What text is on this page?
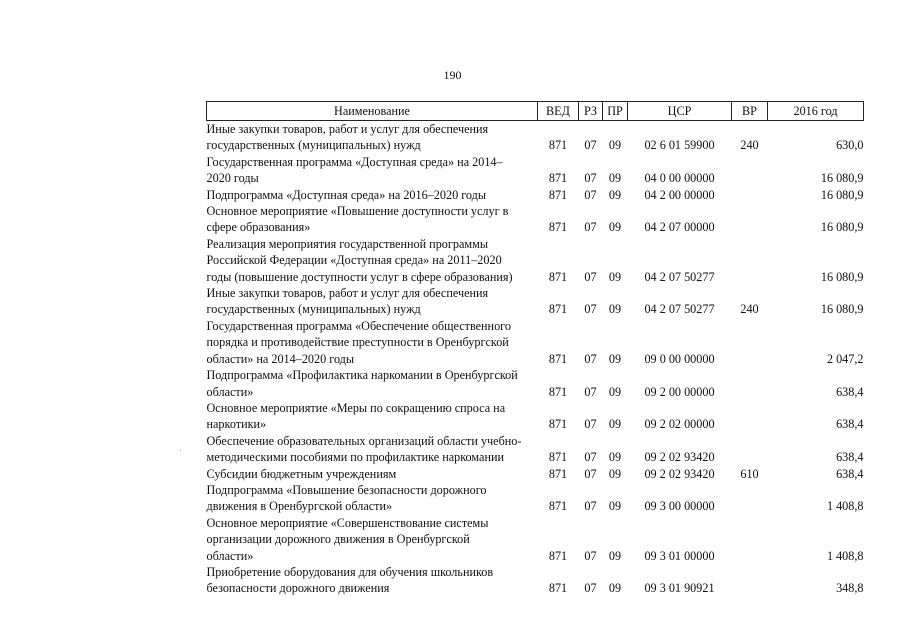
190
Наименование	ВЕД	РЗ	ПР	ЦСР	ВР	2016 год

Иные закупки товаров, работ и услуг для обеспечения
государственных (муниципальных) нужд	871	07	09	02 6 01 59900	240	630,0

Государственная программа «Доступная среда» на 2014–
2020 годы	871	07	09	04 0 00 00000		16 080,9

Подпрограмма «Доступная среда» на 2016–2020 годы	871	07	09	04 2 00 00000		16 080,9

Основное мероприятие «Повышение доступности услуг в
сфере образования»	871	07	09	04 2 07 00000		16 080,9

Реализация мероприятия государственной программы
Российской Федерации «Доступная среда» на 2011–2020
годы (повышение доступности услуг в сфере образования)	871	07	09	04 2 07 50277		16 080,9

Иные закупки товаров, работ и услуг для обеспечения
государственных (муниципальных) нужд	871	07	09	04 2 07 50277	240	16 080,9

Государственная программа «Обеспечение общественного
порядка и противодействие преступности в Оренбургской
области» на 2014–2020 годы	871	07	09	09 0 00 00000		2 047,2

Подпрограмма «Профилактика наркомании в Оренбургской
области»	871	07	09	09 2 00 00000		638,4

Основное мероприятие «Меры по сокращению спроса на
наркотики»	871	07	09	09 2 02 00000		638,4

Обеспечение образовательных организаций области учебно-
методическими пособиями по профилактике наркомании	871	07	09	09 2 02 93420		638,4

Субсидии бюджетным учреждениям	871	07	09	09 2 02 93420	610	638,4

Подпрограмма «Повышение безопасности дорожного
движения в Оренбургской области»	871	07	09	09 3 00 00000		1 408,8

Основное мероприятие «Совершенствование системы
организации дорожного движения в Оренбургской
области»	871	07	09	09 3 01 00000		1 408,8

Приобретение оборудования для обучения школьников
безопасности дорожного движения	871	07	09	09 3 01 90921		348,8
·
